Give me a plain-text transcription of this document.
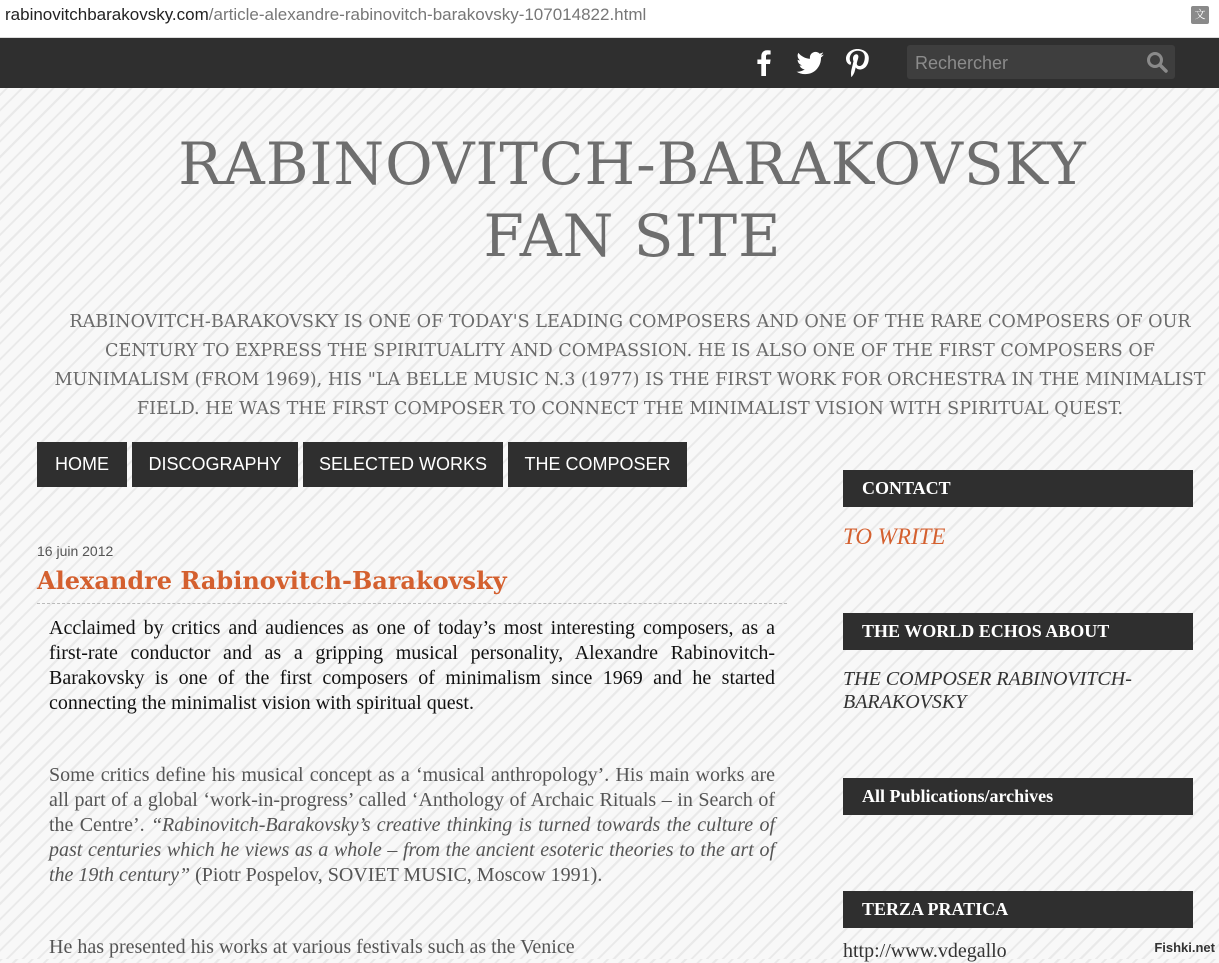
rabinovitchbarakovsky.com/article-alexandre-rabinovitch-barakovsky-107014822.html	文
Rechercher
RABINOVITCH-BARAKOVSKY
FAN SITE
RABINOVITCH-BARAKOVSKY IS ONE OF TODAY'S LEADING COMPOSERS AND ONE OF THE RARE COMPOSERS OF OUR CENTURY TO EXPRESS THE SPIRITUALITY AND COMPASSION. HE IS ALSO ONE OF THE FIRST COMPOSERS OF MUNIMALISM (FROM 1969), HIS "LA BELLE MUSIC N.3 (1977) IS THE FIRST WORK FOR ORCHESTRA IN THE MINIMALIST FIELD. HE WAS THE FIRST COMPOSER TO CONNECT THE MINIMALIST VISION WITH SPIRITUAL QUEST.
HOME	DISCOGRAPHY	SELECTED WORKS	THE COMPOSER
16 juin 2012
Alexandre Rabinovitch-Barakovsky

Acclaimed by critics and audiences as one of today’s most interesting composers, as a first-rate conductor and as a gripping musical personality, Alexandre Rabinovitch-Barakovsky is one of the first composers of minimalism since 1969 and he started connecting the minimalist vision with spiritual quest.

Some critics define his musical concept as a ‘musical anthropology’. His main works are all part of a global ‘work-in-progress’ called ‘Anthology of Archaic Rituals – in Search of the Centre’. “Rabinovitch-Barakovsky’s creative thinking is turned towards the culture of past centuries which he views as a whole – from the ancient esoteric theories to the art of the 19th century” (Piotr Pospelov, SOVIET MUSIC, Moscow 1991).

He has presented his works at various festivals such as the Venice

CONTACT
TO WRITE
THE WORLD ECHOS ABOUT
THE COMPOSER RABINOVITCH-BARAKOVSKY
All Publications/archives
TERZA PRATICA
http://www.vdegallo	Fishki.net
